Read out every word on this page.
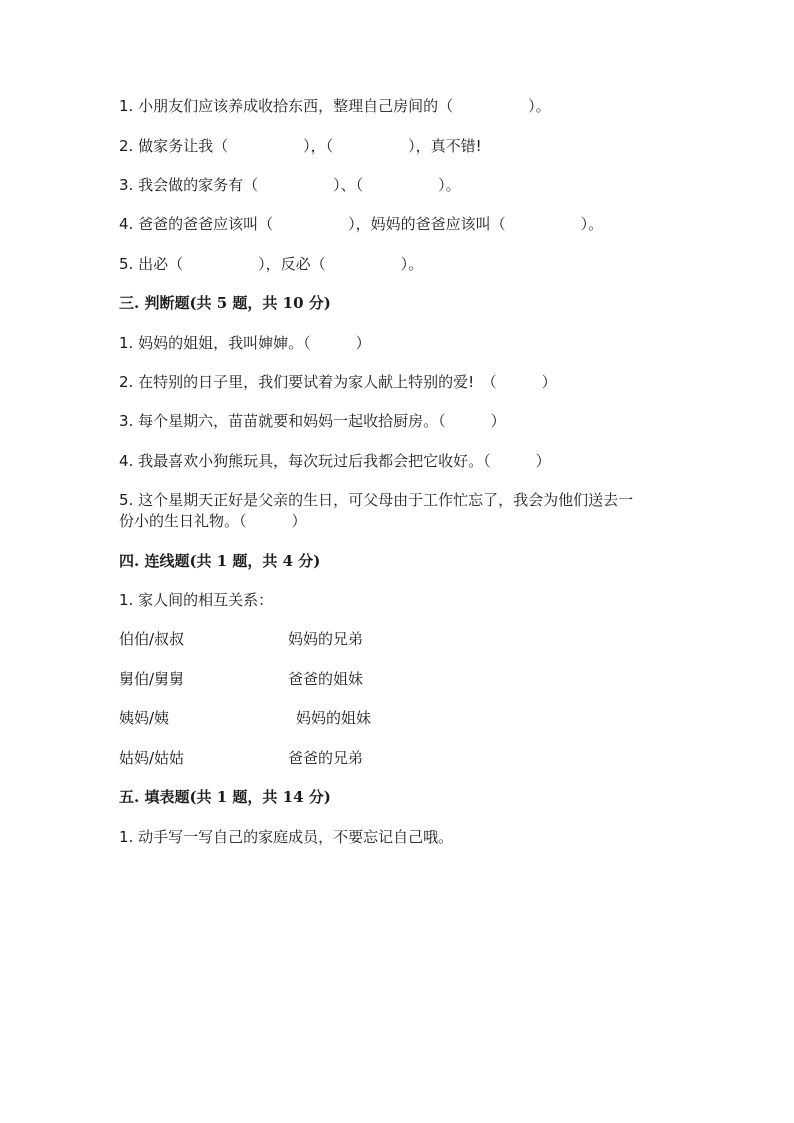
1. 小朋友们应该养成收拾东西，整理自己房间的（　　　　　）。
2. 做家务让我（　　　　　），（　　　　　），真不错!
3. 我会做的家务有（　　　　　）、（　　　　　）。
4. 爸爸的爸爸应该叫（　　　　　），妈妈的爸爸应该叫（　　　　　）。
5. 出必（　　　　　），反必（　　　　　）。
三. 判断题(共 5 题，共 10 分)
1. 妈妈的姐姐，我叫婶婶。（　　　）
2. 在特别的日子里，我们要试着为家人献上特别的爱!　（　　　）
3. 每个星期六，苗苗就要和妈妈一起收拾厨房。（　　　）
4. 我最喜欢小狗熊玩具，每次玩过后我都会把它收好。（　　　）
5. 这个星期天正好是父亲的生日，可父母由于工作忙忘了，我会为他们送去一
份小的生日礼物。（　　　）
四. 连线题(共 1 题，共 4 分)
1. 家人间的相互关系：
伯伯/叔叔	妈妈的兄弟
舅伯/舅舅	爸爸的姐妹
姨妈/姨	妈妈的姐妹
姑妈/姑姑	爸爸的兄弟
五. 填表题(共 1 题，共 14 分)
1. 动手写一写自己的家庭成员，不要忘记自己哦。
